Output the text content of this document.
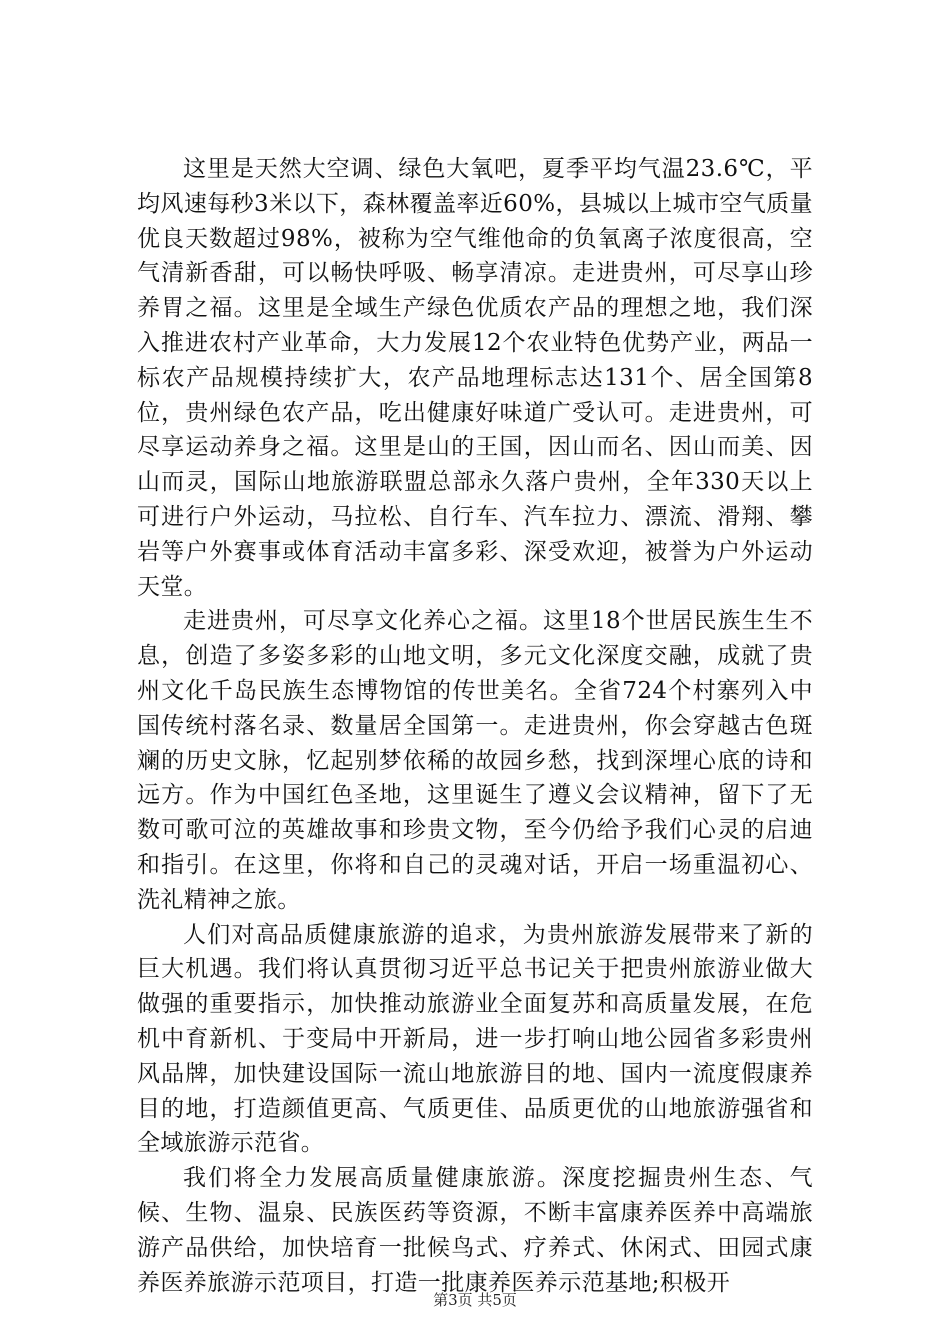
这里是天然大空调、绿色大氧吧，夏季平均气温23.6℃，平均风速每秒3米以下，森林覆盖率近60%，县城以上城市空气质量优良天数超过98%，被称为空气维他命的负氧离子浓度很高，空气清新香甜，可以畅快呼吸、畅享清凉。走进贵州，可尽享山珍养胃之福。这里是全域生产绿色优质农产品的理想之地，我们深入推进农村产业革命，大力发展12个农业特色优势产业，两品一标农产品规模持续扩大，农产品地理标志达131个、居全国第8位，贵州绿色农产品，吃出健康好味道广受认可。走进贵州，可尽享运动养身之福。这里是山的王国，因山而名、因山而美、因山而灵，国际山地旅游联盟总部永久落户贵州，全年330天以上可进行户外运动，马拉松、自行车、汽车拉力、漂流、滑翔、攀岩等户外赛事或体育活动丰富多彩、深受欢迎，被誉为户外运动天堂。

走进贵州，可尽享文化养心之福。这里18个世居民族生生不息，创造了多姿多彩的山地文明，多元文化深度交融，成就了贵州文化千岛民族生态博物馆的传世美名。全省724个村寨列入中国传统村落名录、数量居全国第一。走进贵州，你会穿越古色斑斓的历史文脉，忆起别梦依稀的故园乡愁，找到深埋心底的诗和远方。作为中国红色圣地，这里诞生了遵义会议精神，留下了无数可歌可泣的英雄故事和珍贵文物，至今仍给予我们心灵的启迪和指引。在这里，你将和自己的灵魂对话，开启一场重温初心、洗礼精神之旅。

人们对高品质健康旅游的追求，为贵州旅游发展带来了新的巨大机遇。我们将认真贯彻习近平总书记关于把贵州旅游业做大做强的重要指示，加快推动旅游业全面复苏和高质量发展，在危机中育新机、于变局中开新局，进一步打响山地公园省多彩贵州风品牌，加快建设国际一流山地旅游目的地、国内一流度假康养目的地，打造颜值更高、气质更佳、品质更优的山地旅游强省和全域旅游示范省。

我们将全力发展高质量健康旅游。深度挖掘贵州生态、气候、生物、温泉、民族医药等资源，不断丰富康养医养中高端旅游产品供给，加快培育一批候鸟式、疗养式、休闲式、田园式康养医养旅游示范项目，打造一批康养医养示范基地;积极开

第3页 共5页
